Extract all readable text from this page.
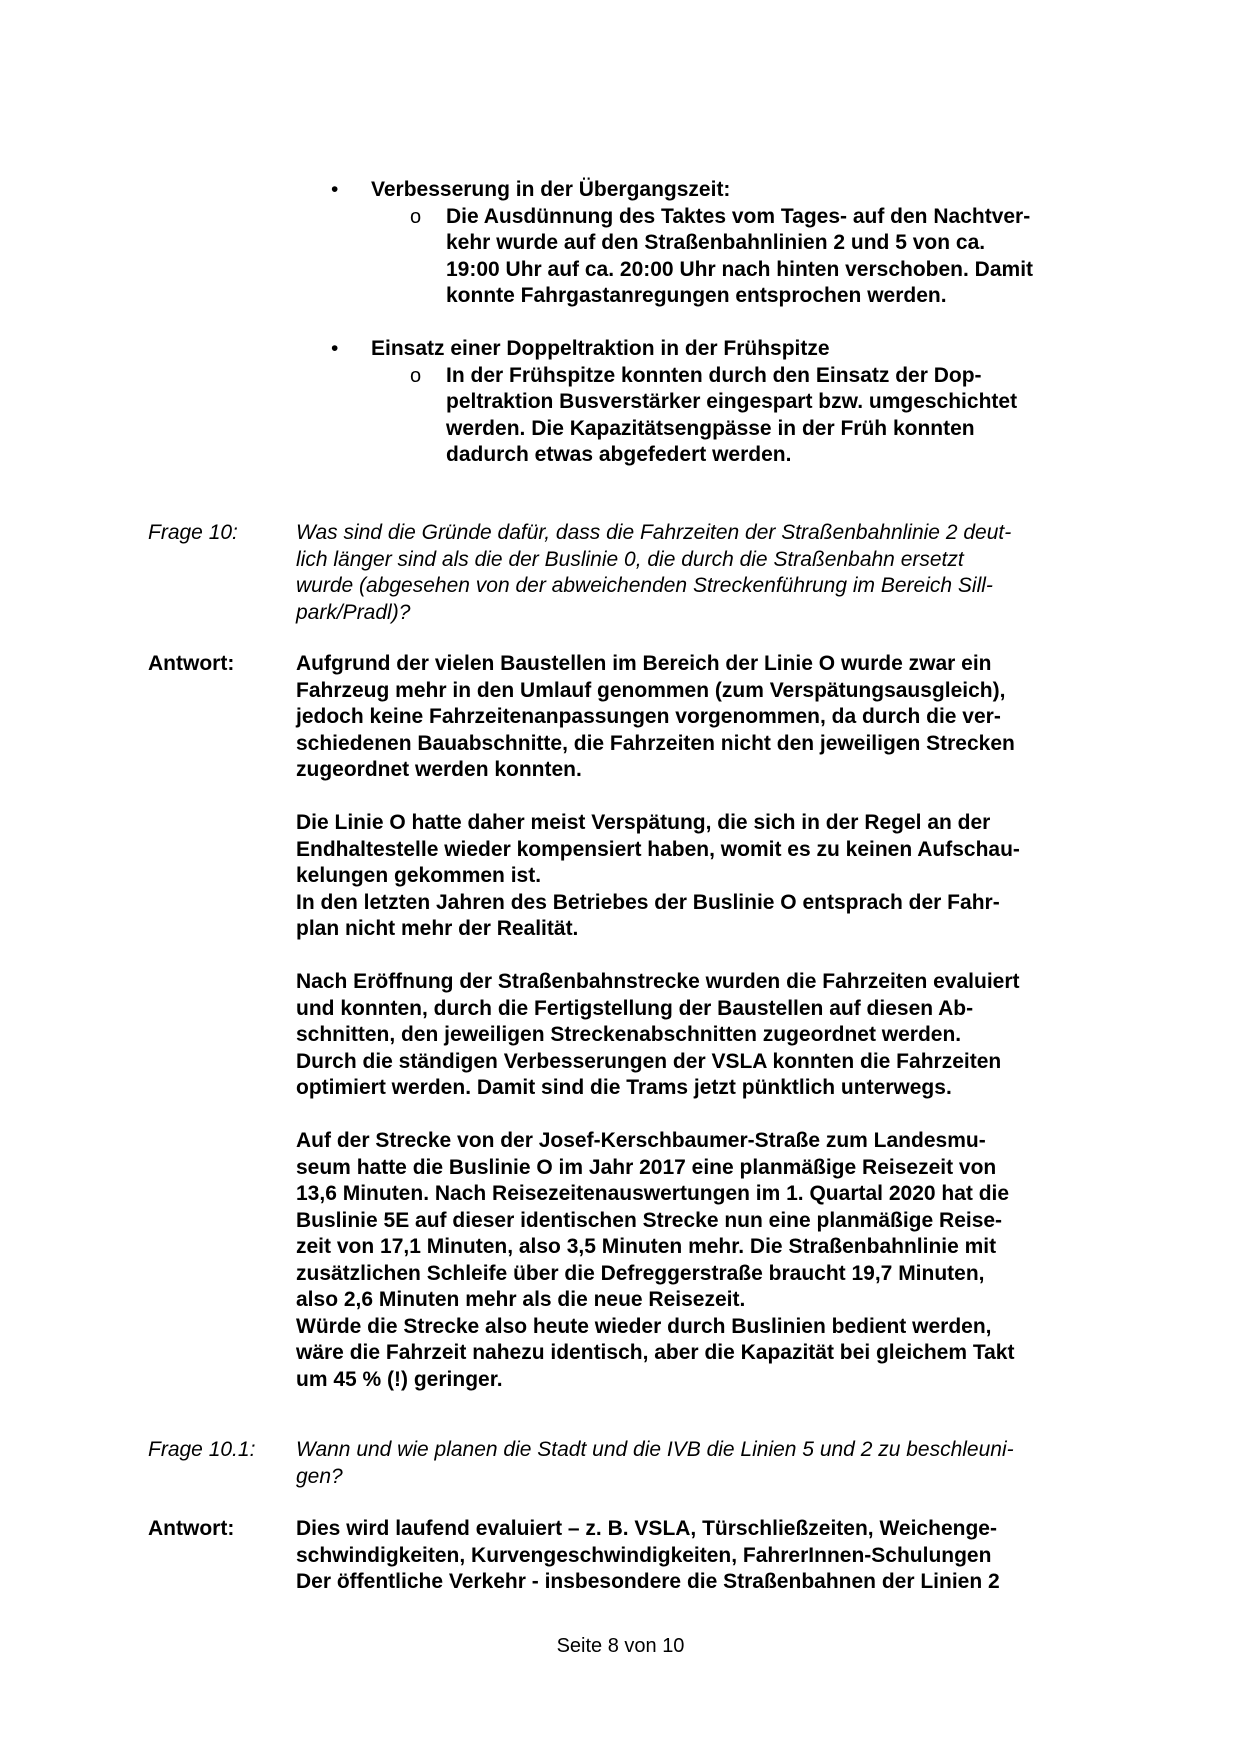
• Verbesserung in der Übergangszeit:
o Die Ausdünnung des Taktes vom Tages- auf den Nachtver-
kehr wurde auf den Straßenbahnlinien 2 und 5 von ca.
19:00 Uhr auf ca. 20:00 Uhr nach hinten verschoben. Damit
konnte Fahrgastanregungen entsprochen werden.
• Einsatz einer Doppeltraktion in der Frühspitze
o In der Frühspitze konnten durch den Einsatz der Dop-
peltraktion Busverstärker eingespart bzw. umgeschichtet
werden. Die Kapazitätsengpässe in der Früh konnten
dadurch etwas abgefedert werden.
Frage 10:	Was sind die Gründe dafür, dass die Fahrzeiten der Straßenbahnlinie 2 deut-
lich länger sind als die der Buslinie 0, die durch die Straßenbahn ersetzt
wurde (abgesehen von der abweichenden Streckenführung im Bereich Sill-
park/Pradl)?
Antwort:	Aufgrund der vielen Baustellen im Bereich der Linie O wurde zwar ein
Fahrzeug mehr in den Umlauf genommen (zum Verspätungsausgleich),
jedoch keine Fahrzeitenanpassungen vorgenommen, da durch die ver-
schiedenen Bauabschnitte, die Fahrzeiten nicht den jeweiligen Strecken
zugeordnet werden konnten.
Die Linie O hatte daher meist Verspätung, die sich in der Regel an der
Endhaltestelle wieder kompensiert haben, womit es zu keinen Aufschau-
kelungen gekommen ist.
In den letzten Jahren des Betriebes der Buslinie O entsprach der Fahr-
plan nicht mehr der Realität.
Nach Eröffnung der Straßenbahnstrecke wurden die Fahrzeiten evaluiert
und konnten, durch die Fertigstellung der Baustellen auf diesen Ab-
schnitten, den jeweiligen Streckenabschnitten zugeordnet werden.
Durch die ständigen Verbesserungen der VSLA konnten die Fahrzeiten
optimiert werden. Damit sind die Trams jetzt pünktlich unterwegs.
Auf der Strecke von der Josef-Kerschbaumer-Straße zum Landesmu-
seum hatte die Buslinie O im Jahr 2017 eine planmäßige Reisezeit von
13,6 Minuten. Nach Reisezeitenauswertungen im 1. Quartal 2020 hat die
Buslinie 5E auf dieser identischen Strecke nun eine planmäßige Reise-
zeit von 17,1 Minuten, also 3,5 Minuten mehr. Die Straßenbahnlinie mit
zusätzlichen Schleife über die Defreggerstraße braucht 19,7 Minuten,
also 2,6 Minuten mehr als die neue Reisezeit.
Würde die Strecke also heute wieder durch Buslinien bedient werden,
wäre die Fahrzeit nahezu identisch, aber die Kapazität bei gleichem Takt
um 45 % (!) geringer.
Frage 10.1: Wann und wie planen die Stadt und die IVB die Linien 5 und 2 zu beschleuni-
gen?
Antwort:	Dies wird laufend evaluiert – z. B. VSLA, Türschließzeiten, Weichenge-
schwindigkeiten, Kurvengeschwindigkeiten, FahrerInnen-Schulungen
Der öffentliche Verkehr - insbesondere die Straßenbahnen der Linien 2
Seite 8 von 10
